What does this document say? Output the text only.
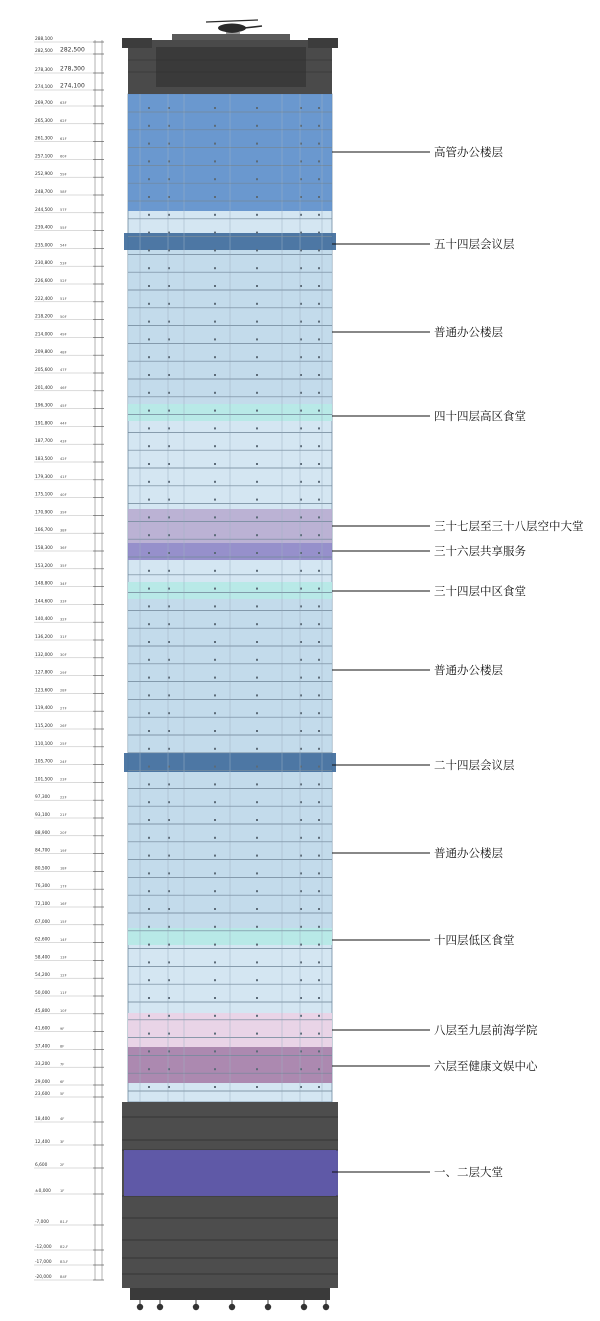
288,100
282,500 282,500
278,300 278,300
274,100 274,100
269,700 63F
265,300 62F
261,300 61F
257,100 60F
252,900 59F
248,700 58F
244,500 57F
239,400 55F
235,000 54F
230,800 53F
226,600 52F
222,400 51F
218,200 50F
214,000 49F
209,800 48F
205,600 47F
201,400 46F
196,300 45F
191,800 44F
187,700 43F
183,500 42F
179,300 41F
175,100 40F
170,900 39F
166,700 38F
158,300 36F
153,200 35F
148,800 34F
144,600 33F
140,400 32F
136,200 31F
132,000 30F
127,800 29F
123,600 28F
119,400 27F
115,200 26F
110,100 25F
105,700 24F
101,500 23F
97,300	22F
93,100	21F
88,900	20F
84,700	19F
80,500	18F
76,300	17F
72,100	16F
67,000	15F
62,600	14F
58,400	13F
54,200	12F
50,000	11F
45,800	10F
41,600	9F
37,400	8F
33,200	7F
29,000	6F
23,600	5F
18,400	4F
12,400	3F
6,600	2F
±0,000	1F
-7,000	B1-F
-12,000 B2-F
-17,000 B3-F
-20,000 B4F
高管办公楼层
五十四层会议层
普通办公楼层
四十四层高区食堂
三十七层至三十八层空中大堂
三十六层共享服务
三十四层中区食堂
普通办公楼层
二十四层会议层
普通办公楼层
十四层低区食堂
八层至九层前海学院
六层至健康文娱中心
一、二层大堂
